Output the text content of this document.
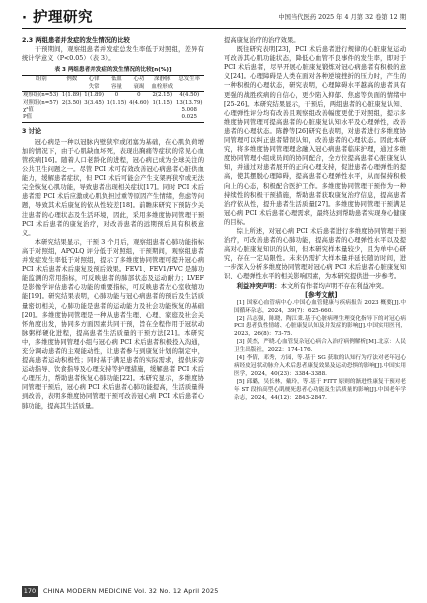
· 护理研究	中国当代医药 2025 年 4 月第 32 卷第 12 期

2.3 两组患者并发症的发生情况的比较

干预期间，观察组患者并发症总发生率低于对照组，差异有统计学意义（P<0.05）（表 3）。

表 3 两组患者并发症的发生情况的比较[n(%)]
组别	例数	心律	低血	心功	深静脉	总发生率
		失常	容量	衰竭	血栓形成	
观察组(n=53)	1(1.89)	1(1.89)	0	0	2(2.15)	4(4.50)
对照组(n=57)	2(3.50)	3(3.45)	1(1.15)	4(4.60)	1(1.15)	13(13.79)
χ²值						5.008
P值						0.025

3 讨论

冠心病是一种以冠脉内壁狭窄或闭塞为基础，在心肌负荷增加的情况下，由于心肌缺血坏死，表现出胸痛等症状的常见心血管疾病[16]。随着人口老龄化的进程，冠心病已成为全球关注的公共卫生问题之一。尽管 PCI 术可有效改善冠心病患者心脏供血能力，缓解患者症状，但 PCI 术后可能会产生支架再狭窄或无法完全恢复心肌功能，导致患者出现相关症状[17]。同时 PCI 术后患者需 PCI 术后应激或心肌负担过重等原因产生情绪，焦虑等问题，导致其术后康复的依从性较差[18]。前瞻床研究下预防少关注患者的心理状态及生活环境，因此，采用多维度协同管理干预 PCI 术后患者的康复治疗，对改善患者的远期预后具有积极意义。

本研究结果显示，干预 3 个月后，观察组患者心肺功能指标高于对照组，APQLQ 评分低于对照组，干预期间，观察组患者并发症发生率低于对照组，提示了多维度协同管理可提升冠心病 PCI 术后患者术后康复及预后效果。FEV1、FEV1/FVC 是肺功能监测的常用指标，可反映患者的肺部状态及运动耐力；LVEF 是影像学评估患者心功能的重要指标，可反映患者左心室收缩功能[19]。研究结果表明，心肺功能与冠心病患者的预后及生活质量密切相关，心肺功能是患者的运动能力及社会功能恢复的基础[20]。多维度协同管理是一种从患者生理、心理、家庭及社会关怀角度出发，协同多方面因素共同干预，旨在全程作用于冠状动脉粥样硬化进程，提高患者生活质量的干预方法[21]。本研究中，多维度协同管理小组与冠心病 PCI 术后患者积极投入沟通，充分调动患者的主观能动性，让患者参与到康复计划的制定中，提高患者运动积极性；同时基于满足患者的实际需求，提供床旁运动指导、饮食指导及心理支持等护理措施，缓解患者 PCI 术后心理压力，帮助患者恢复心肺功能[22]。本研究显示，多维度协同管理干预后，冠心病 PCI 术后患者心肺功能提高，生活质量得到改善，表明多维度协同管理干预可改善冠心病 PCI 术后患者心肺功能，提高其生活质量。

提高康复治疗的治疗效果。

既往研究表明[23]，PCI 术后患者进行规律的心脏康复运动可改善其心肌功能状态，降低心血管不良事件的发生率，即对于 PCI 术后患者，尽早开展心脏康复锻炼对冠心病患者有积极的意义[24]。心理障碍是人类在面对各种逆境挫折的压力时，产生的一种积极的心理状态，研究表明，心理障碍水平越高的患者具有更强的战胜疾病的自信心，更少陷入抑郁、焦虑等负面的情绪中[25-26]。本研究结果显示，干预后，两组患者的心脏康复认知、心理弹性评分均有改善且观察组改善幅度更优于对照组，提示多维度协同管理可提高患者的心脏康复认知水平及心理弹性，改善患者的心理状态。陈静等[26]研究也表明，对患者进行多维度协同管理可以纠正患者错误认知，改善患者的心理状态。因此本研究，将多维度协同管理理念融入冠心病患者临床护理，通过多维度协同管理小组成员间的协同配合，全方位提高患者心脏康复认知，并通过对患者展开的正向心理支持，促进患者心理弹性的提高，使其摆脱心理障碍，提高患者心理弹性水平，从而保持积极向上的心态，积极配合医护工作。多维度协同管理干预作为一种持续性的积极干预措施，帮助患者获取康复治疗信息，提高患者治疗依从性，提升患者生活质量[27]。多维度协同管理干预满足冠心病 PCI 术后患者心理需求，最终达到帮助患者实现身心健康的目标。

综上所述，对冠心病 PCI 术后患者进行多维度协同管理干预治疗，可改善患者的心肺功能，提高患者的心理弹性水平以及提高对心脏康复知识的认知，但本研究样本量较少，且为单中心研究，存在一定局限性。未来仍需扩大样本量并延长随访时间，进一步深入分析多维度协同管理对冠心病 PCI 术后患者心脏康复知识、心理弹性水平的相关影响因素，为本研究提供进一步参考。

利益冲突声明：本文所有作者均声明不存在利益冲突。

[参考文献]

[1] 国家心血管病中心.中国心血管健康与疾病报告 2023 概要[J].中国循环杂志，2024，39(7)：625-660.

[2] 吕志强，陈晓，陶江秉.基于心脏病理生理变化指导下的对冠心病 PCI 患者负性情绪、心脏康复认知及并发症的影响[J].中国实用医刊，2023，26(8)：73-75.

[3] 黄杰，严晓.心血管复杂冠心病合入治疗病例解析[M].北京：人民卫生出版社，2022：174-176.

[4] 李倩，邓秀，方园，等.基于 SG 获取的认知行为疗法对老年冠心病经皮冠状动脉介入术后患者康复效果及运动恐惧的影响[J].中国实用医学，2024，40(23)：3384-3388.

[5] 邱璐，吴长林，戴玲，等.基于 FITT 原则的渐进性康复干预对老年 ST 段抬高型心肌梗死患者心功能及生活质量的影响[J].中国老年学杂志，2024，44(12)：2843-2847.

170 CHINA MODERN MEDICINE Vol. 32 No. 12 April 2025
